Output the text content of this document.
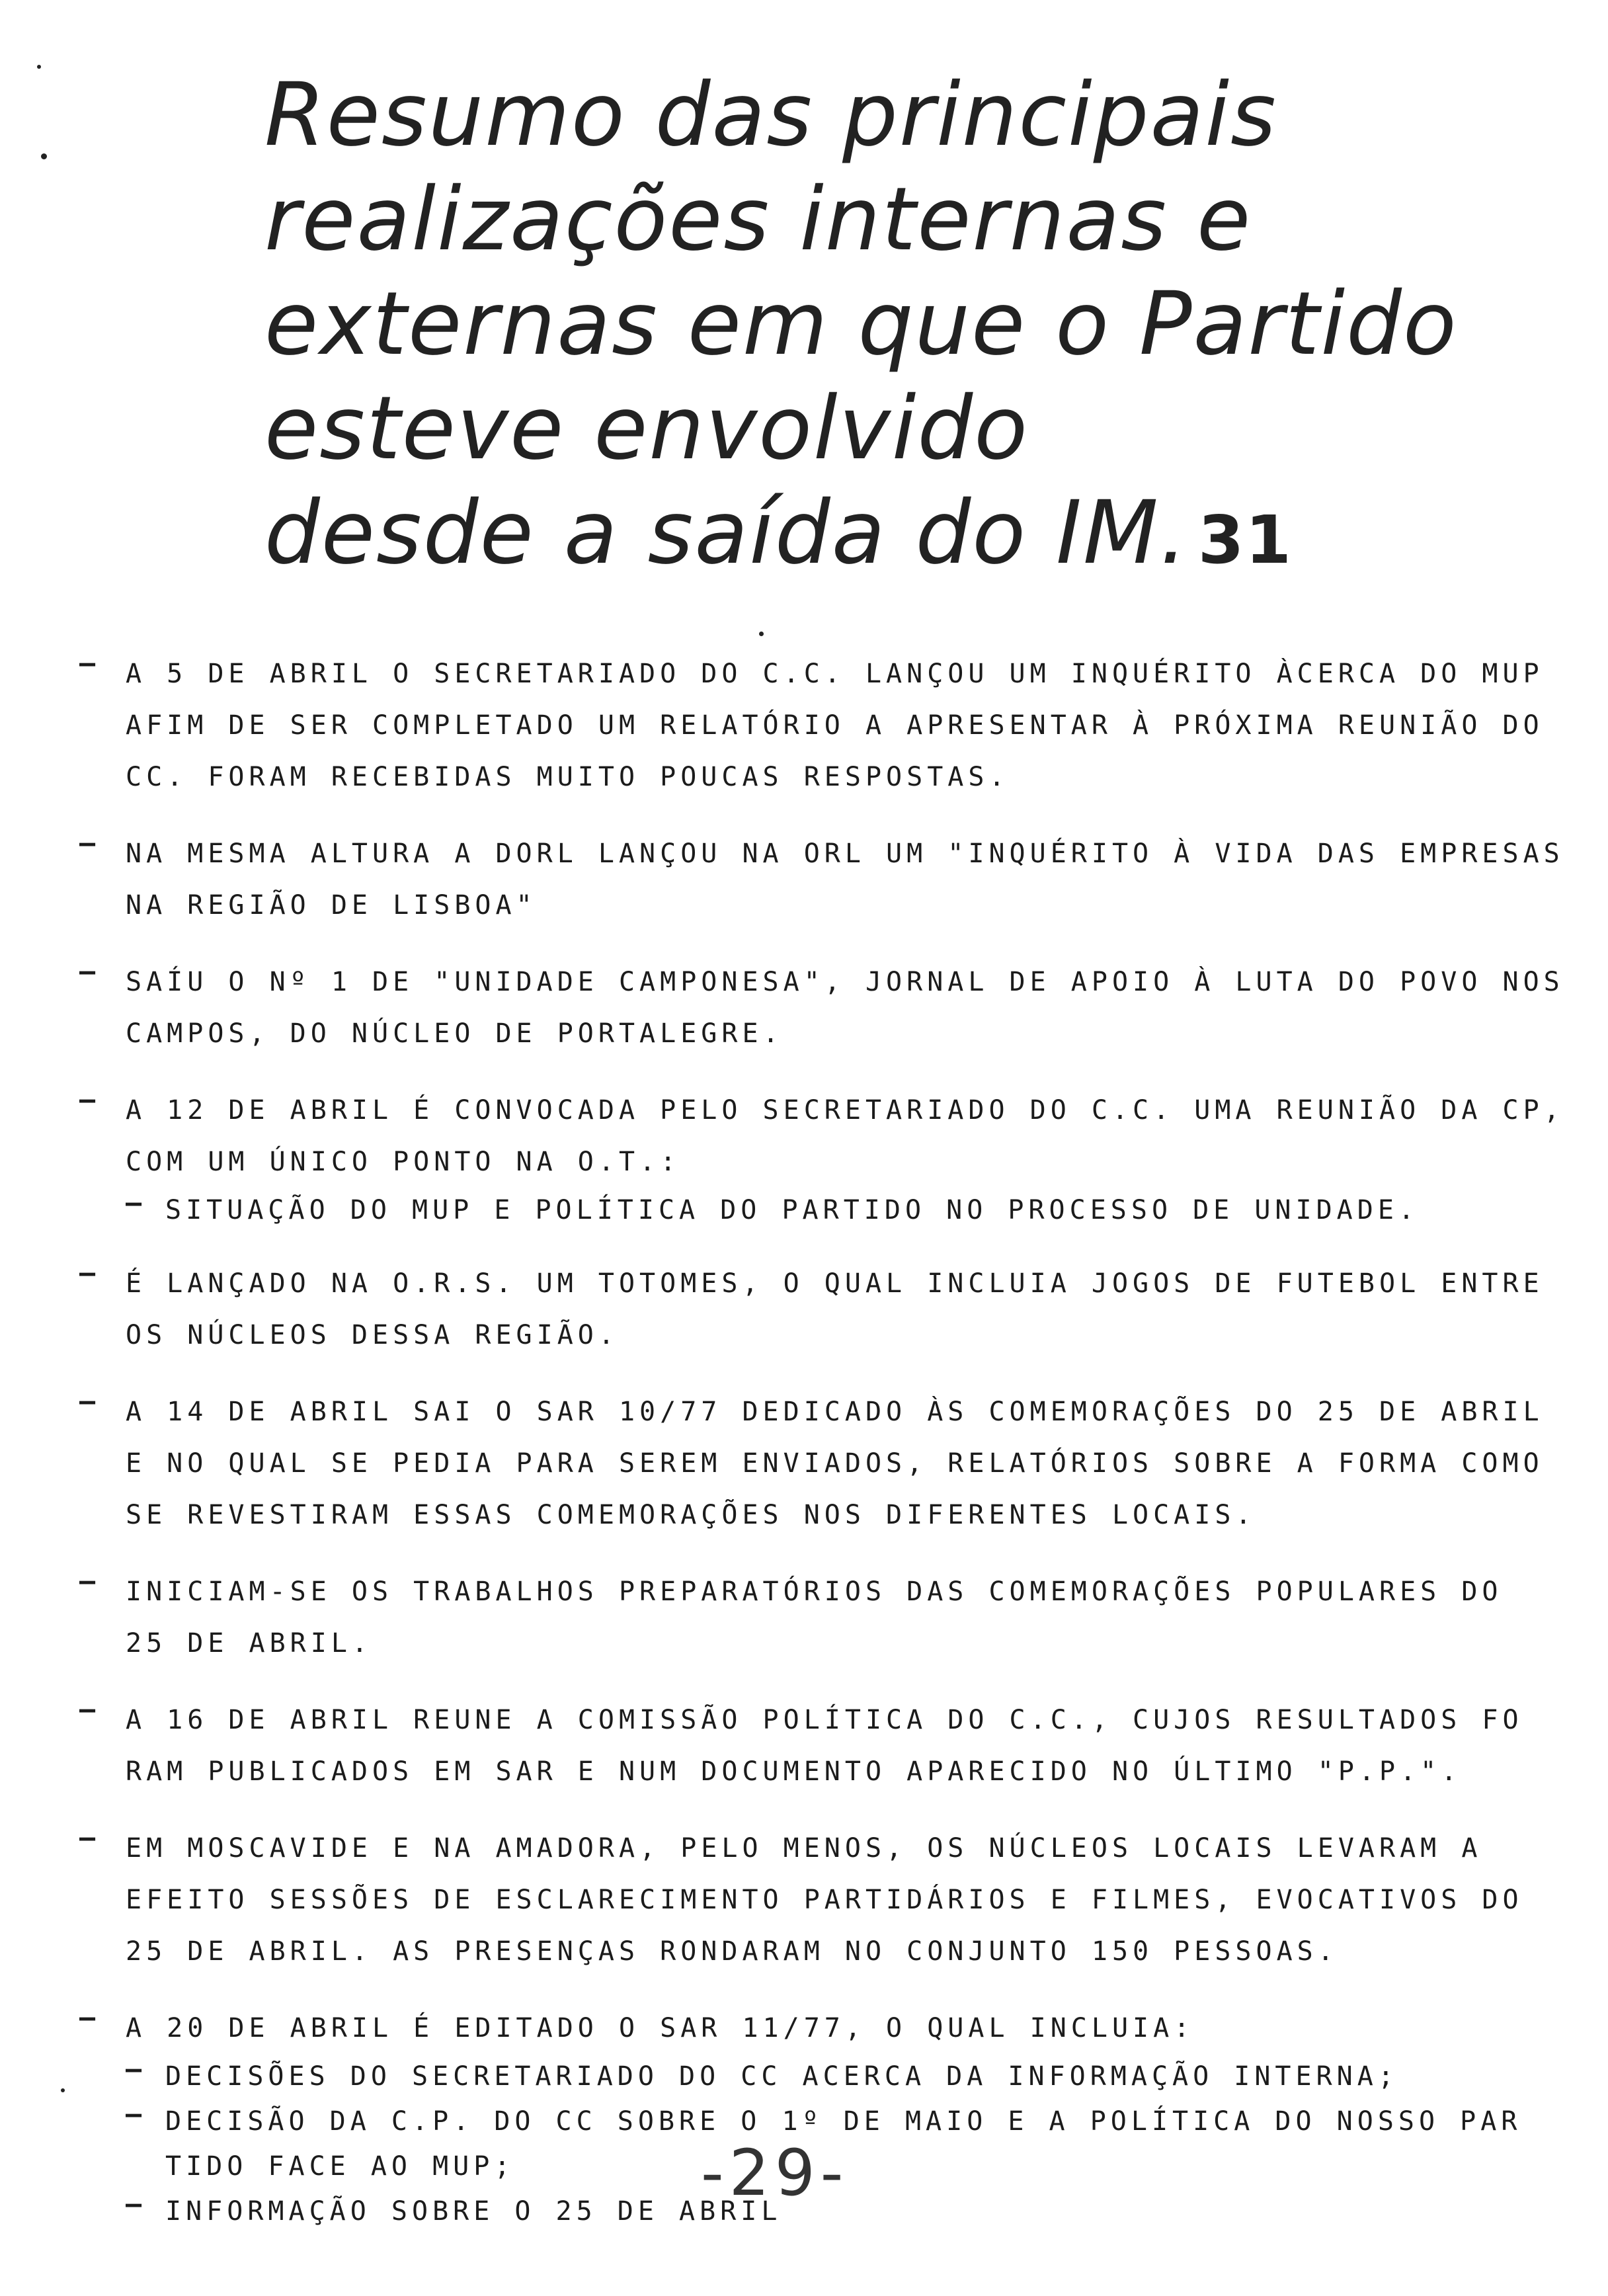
Resumo das principais
realizações internas e
externas em que o Partido
esteve envolvido
desde a saída do IM. 31
– A 5 DE ABRIL O SECRETARIADO DO C.C. LANÇOU UM INQUÉRITO ÀCERCA DO MUP
AFIM DE SER COMPLETADO UM RELATÓRIO A APRESENTAR À PRÓXIMA REUNIÃO DO
CC. FORAM RECEBIDAS MUITO POUCAS RESPOSTAS.
– NA MESMA ALTURA A DORL LANÇOU NA ORL UM "INQUÉRITO À VIDA DAS EMPRESAS
NA REGIÃO DE LISBOA"
– SAÍU O Nº 1 DE "UNIDADE CAMPONESA", JORNAL DE APOIO À LUTA DO POVO NOS
CAMPOS, DO NÚCLEO DE PORTALEGRE.
– A 12 DE ABRIL É CONVOCADA PELO SECRETARIADO DO C.C. UMA REUNIÃO DA CP,
COM UM ÚNICO PONTO NA O.T.:
– SITUAÇÃO DO MUP E POLÍTICA DO PARTIDO NO PROCESSO DE UNIDADE.
– É LANÇADO NA O.R.S. UM TOTOMES, O QUAL INCLUIA JOGOS DE FUTEBOL ENTRE
OS NÚCLEOS DESSA REGIÃO.
– A 14 DE ABRIL SAI O SAR 10/77 DEDICADO ÀS COMEMORAÇÕES DO 25 DE ABRIL
E NO QUAL SE PEDIA PARA SEREM ENVIADOS, RELATÓRIOS SOBRE A FORMA COMO
SE REVESTIRAM ESSAS COMEMORAÇÕES NOS DIFERENTES LOCAIS.
– INICIAM-SE OS TRABALHOS PREPARATÓRIOS DAS COMEMORAÇÕES POPULARES DO
25 DE ABRIL.
– A 16 DE ABRIL REUNE A COMISSÃO POLÍTICA DO C.C., CUJOS RESULTADOS FO
RAM PUBLICADOS EM SAR E NUM DOCUMENTO APARECIDO NO ÚLTIMO "P.P.".
– EM MOSCAVIDE E NA AMADORA, PELO MENOS, OS NÚCLEOS LOCAIS LEVARAM A
EFEITO SESSÕES DE ESCLARECIMENTO PARTIDÁRIOS E FILMES, EVOCATIVOS DO
25 DE ABRIL. AS PRESENÇAS RONDARAM NO CONJUNTO 150 PESSOAS.
– A 20 DE ABRIL É EDITADO O SAR 11/77, O QUAL INCLUIA:
– DECISÕES DO SECRETARIADO DO CC ACERCA DA INFORMAÇÃO INTERNA;
– DECISÃO DA C.P. DO CC SOBRE O 1º DE MAIO E A POLÍTICA DO NOSSO PAR
TIDO FACE AO MUP;
– INFORMAÇÃO SOBRE O 25 DE ABRIL
-29-
